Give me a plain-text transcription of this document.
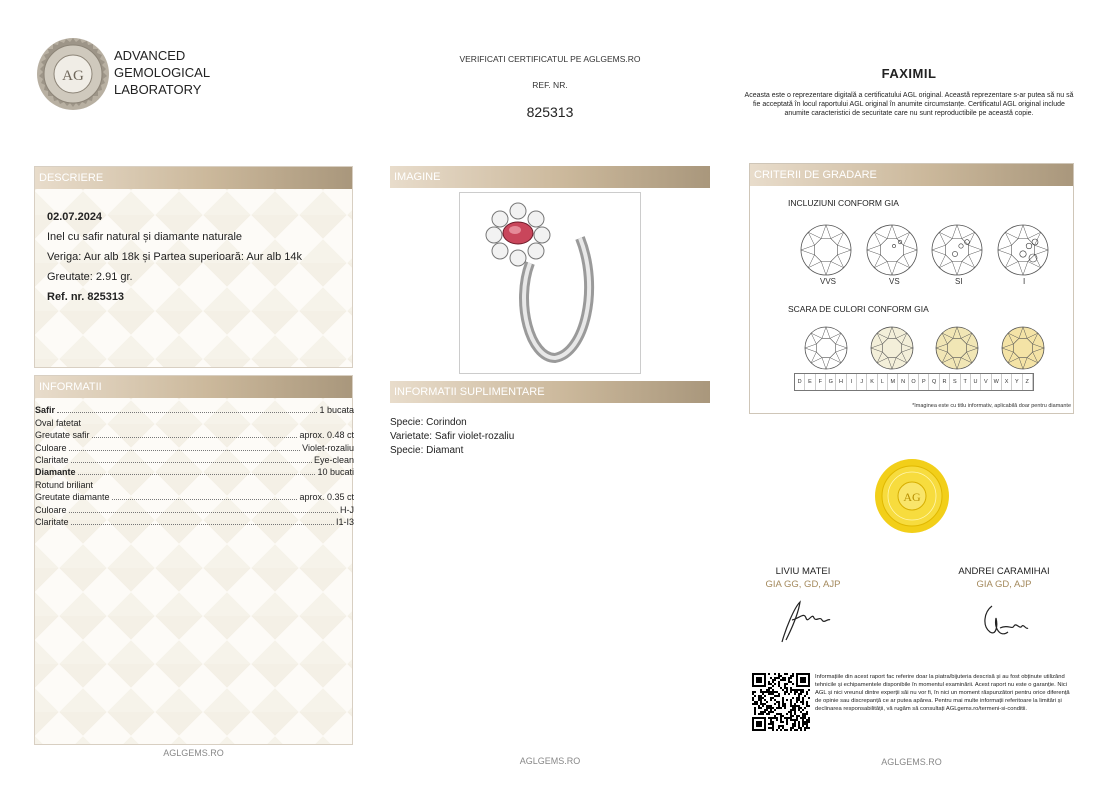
AG
ADVANCED
GEMOLOGICAL
LABORATORY
VERIFICATI CERTIFICATUL PE AGLGEMS.RO
REF. NR.
825313
FAXIMIL
Aceasta este o reprezentare digitală a certificatului AGL original. Această reprezentare s-ar putea să nu să fie acceptată în locul raportului AGL original în anumite circumstanțe. Certificatul AGL original include anumite caracteristici de securitate care nu sunt reproductibile pe această copie.
DESCRIERE
02.07.2024
Inel cu safir natural și diamante naturale
Veriga: Aur alb 18k și Partea superioară: Aur alb 14k
Greutate: 2.91 gr.
Ref. nr. 825313
INFORMATII
Safir	1 bucata
Oval fatetat
Greutate safir	aprox. 0.48 ct
Culoare	Violet-rozaliu
Claritate	Eye-clean
Diamante	10 bucati
Rotund briliant
Greutate diamante	aprox. 0.35 ct
Culoare	H-J
Claritate	I1-I3
IMAGINE
INFORMATII SUPLIMENTARE
Specie: Corindon
Varietate: Safir violet-rozaliu
Specie: Diamant
CRITERII DE GRADARE
INCLUZIUNI CONFORM GIA
VVS	VS	SI	I
SCARA DE CULORI CONFORM GIA
D	E	F	G	H	I	J	K	L	M	N	O	P	Q	R	S	T	U	V	W	X	Y	Z
*Imaginea este cu titlu informativ, aplicabilă doar pentru diamante
AG
LIVIU MATEI
GIA GG, GD, AJP
ANDREI CARAMIHAI
GIA GD, AJP
Informațiile din acest raport fac referire doar la piatra/bijuteria descrisă și au fost obținute utilizând tehnicile și echipamentele disponibile în momentul examinării. Acest raport nu este o garanție. Nici AGL și nici vreunul dintre experții săi nu vor fi, în nici un moment răspunzători pentru orice diferență de opinie sau discrepanță ce ar putea apărea. Pentru mai multe informații referitoare la limitări și declinarea responsabilității, vă rugăm să consultați AGLgems.ro/termeni-si-conditii.
AGLGEMS.RO
AGLGEMS.RO	AGLGEMS.RO
